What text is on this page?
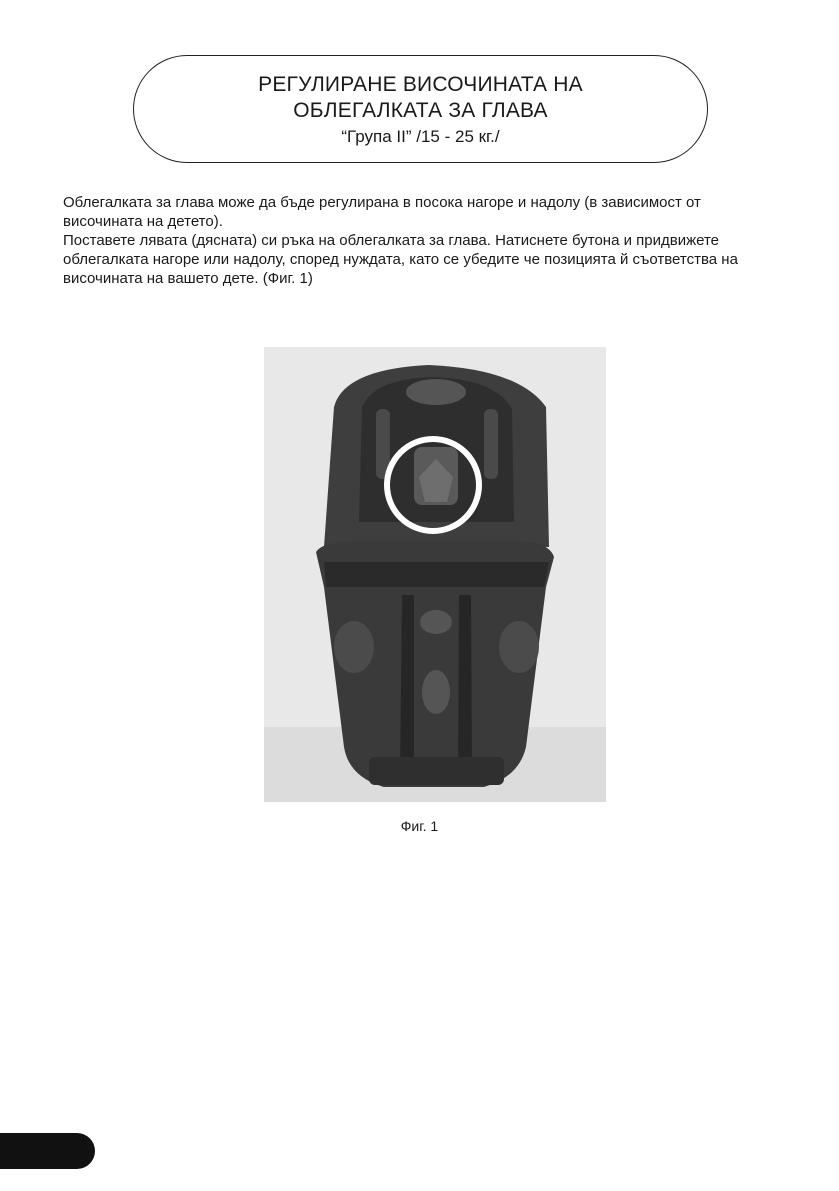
РЕГУЛИРАНЕ ВИСОЧИНАТА НА
ОБЛЕГАЛКАТА ЗА ГЛАВА
“Група II” /15 - 25 кг./

Облегалката за глава може да бъде регулирана в посока нагоре и надолу (в зависимост от височината на детето).

Поставете лявата (дясната) си ръка на облегалката за глава. Натиснете бутона и придвижете облегалката нагоре или надолу, според нуждата, като се убедите че позицията й съответства на височината на вашето дете. (Фиг. 1)

Фиг. 1
